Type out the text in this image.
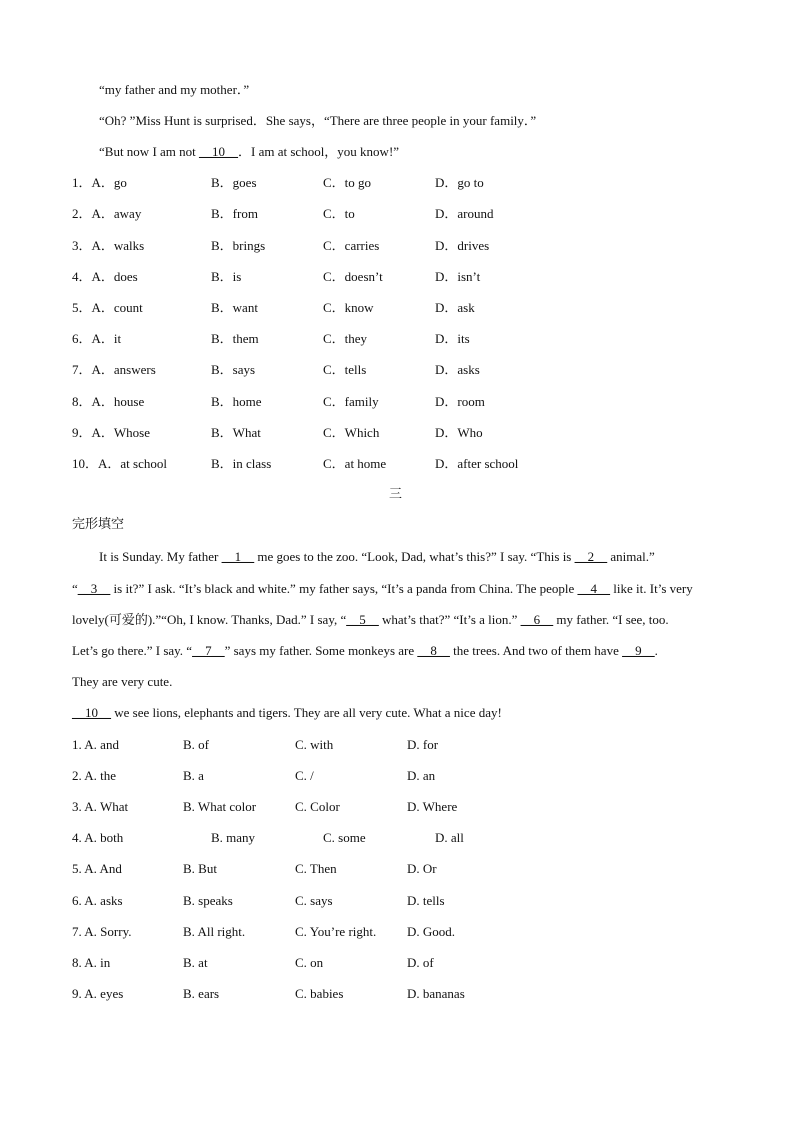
“my father and my mother．”
“Oh? ”Miss Hunt is surprised．She says，“There are three people in your family．”
“But now I am not __10__．I am at school，you know!”
1．A．go	B．goes	C．to go	D．go to
2．A．away	B．from	C．to	D．around
3．A．walks	B．brings	C．carries	D．drives
4．A．does	B．is	C．doesn’t	D．isn’t
5．A．count	B．want	C．know	D．ask
6．A．it	B．them	C．they	D．its
7．A．answers	B．says	C．tells	D．asks
8．A．house	B．home	C．family	D．room
9．A．Whose	B．What	C．Which	D．Who
10．A．at school	B．in class	C．at home	D．after school
三
完形填空
It is Sunday. My father __1__ me goes to the zoo. “Look, Dad, what’s this?” I say. “This is __2__ animal.”
“__3__ is it?” I ask. “It’s black and white.” my father says, “It’s a panda from China. The people __4__ like it. It’s very
lovely(可爱的).”“Oh, I know. Thanks, Dad.” I say, “__5__ what’s that?” “It’s a lion.” __6__ my father. “I see, too.
Let’s go there.” I say. “__7__” says my father. Some monkeys are __8__ the trees. And two of them have __9__.
They are very cute.
__10__ we see lions, elephants and tigers. They are all very cute. What a nice day!
1. A. and	B. of	C. with	D. for
2. A. the	B. a	C. /	D. an
3. A. What	B. What color	C. Color	D. Where
4. A. both	B. many	C. some	D. all
5. A. And	B. But	C. Then	D. Or
6. A. asks	B. speaks	C. says	D. tells
7. A. Sorry.	B. All right.	C. You’re right. D. Good.
8. A. in	B. at	C. on	D. of
9. A. eyes	B. ears	C. babies	D. bananas
